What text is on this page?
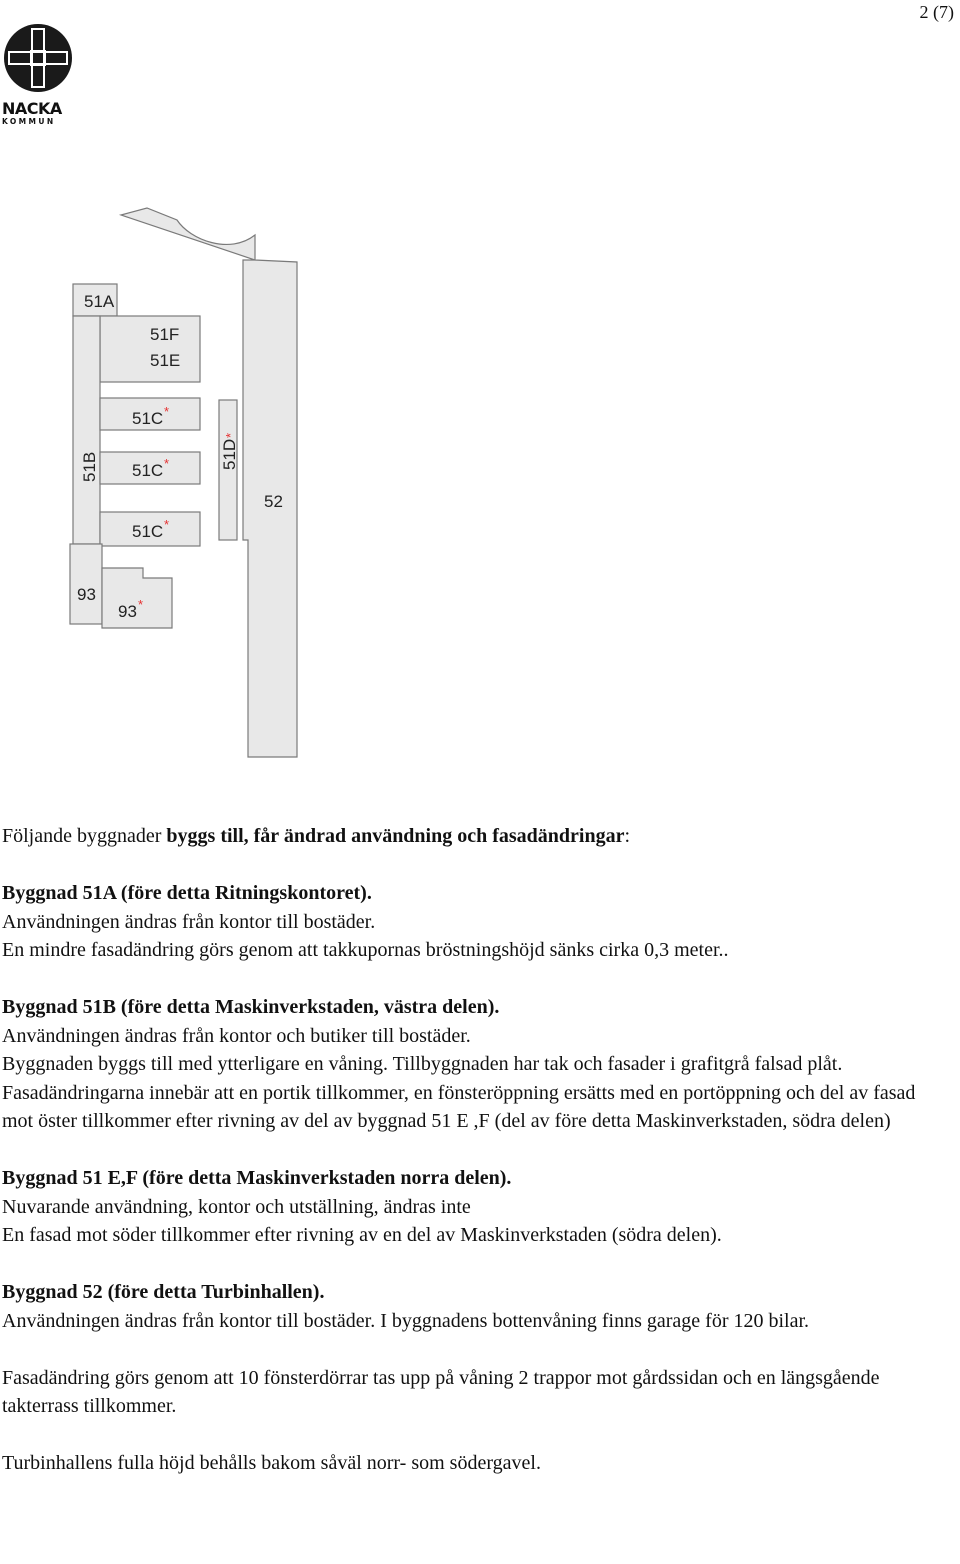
2 (7)
NACKA
KOMMUN
51A
51F
51E
51B
51C *
51C *
51C *
51D
*
52
93
93 *

Följande byggnader byggs till, får ändrad användning och fasadändringar:

Byggnad 51A (före detta Ritningskontoret).

Användningen ändras från kontor till bostäder.

En mindre fasadändring görs genom att takkupornas bröstningshöjd sänks cirka 0,3 meter..

Byggnad 51B (före detta Maskinverkstaden, västra delen).

Användningen ändras från kontor och butiker till bostäder.

Byggnaden byggs till med ytterligare en våning. Tillbyggnaden har tak och fasader i grafitgrå falsad plåt.

Fasadändringarna innebär att en portik tillkommer, en fönsteröppning ersätts med en portöppning och del av fasad mot öster tillkommer efter rivning av del av byggnad 51 E ,F (del av före detta Maskinverkstaden, södra delen)

Byggnad 51 E,F (före detta Maskinverkstaden norra delen).

Nuvarande användning, kontor och utställning, ändras inte

En fasad mot söder tillkommer efter rivning av en del av Maskinverkstaden (södra delen).

Byggnad 52 (före detta Turbinhallen).

Användningen ändras från kontor till bostäder. I byggnadens bottenvåning finns garage för 120 bilar.

Fasadändring görs genom att 10 fönsterdörrar tas upp på våning 2 trappor mot gårdssidan och en längsgående takterrass tillkommer.

Turbinhallens fulla höjd behålls bakom såväl norr- som södergavel.
